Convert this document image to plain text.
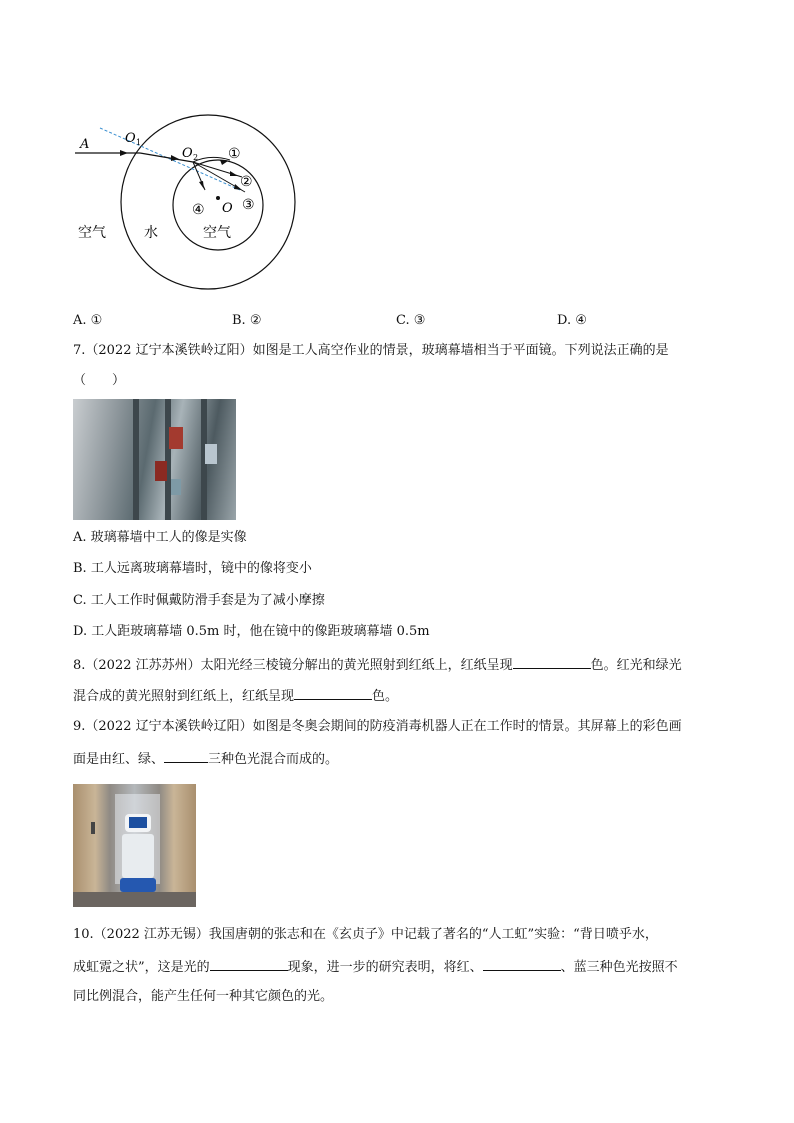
A	O 1
O 2
O
①
②
③
④
空气	水	空气
A. ①	B. ②	C. ③	D. ④
7.（2022 辽宁本溪铁岭辽阳）如图是工人高空作业的情景，玻璃幕墙相当于平面镜。下列说法正确的是
（　　）
A. 玻璃幕墙中工人的像是实像
B. 工人远离玻璃幕墙时，镜中的像将变小
C. 工人工作时佩戴防滑手套是为了减小摩擦
D. 工人距玻璃幕墙 0.5m 时，他在镜中的像距玻璃幕墙 0.5m
8.（2022 江苏苏州）太阳光经三棱镜分解出的黄光照射到红纸上，红纸呈现	色。红光和绿光
混合成的黄光照射到红纸上，红纸呈现	色。
9.（2022 辽宁本溪铁岭辽阳）如图是冬奥会期间的防疫消毒机器人正在工作时的情景。其屏幕上的彩色画
面是由红、绿、	三种色光混合而成的。
10.（2022 江苏无锡）我国唐朝的张志和在《玄贞子》中记载了著名的“人工虹”实验：“背日喷乎水，
成虹霓之状”，这是光的	现象，进一步的研究表明，将红、	、蓝三种色光按照不
同比例混合，能产生任何一种其它颜色的光。
